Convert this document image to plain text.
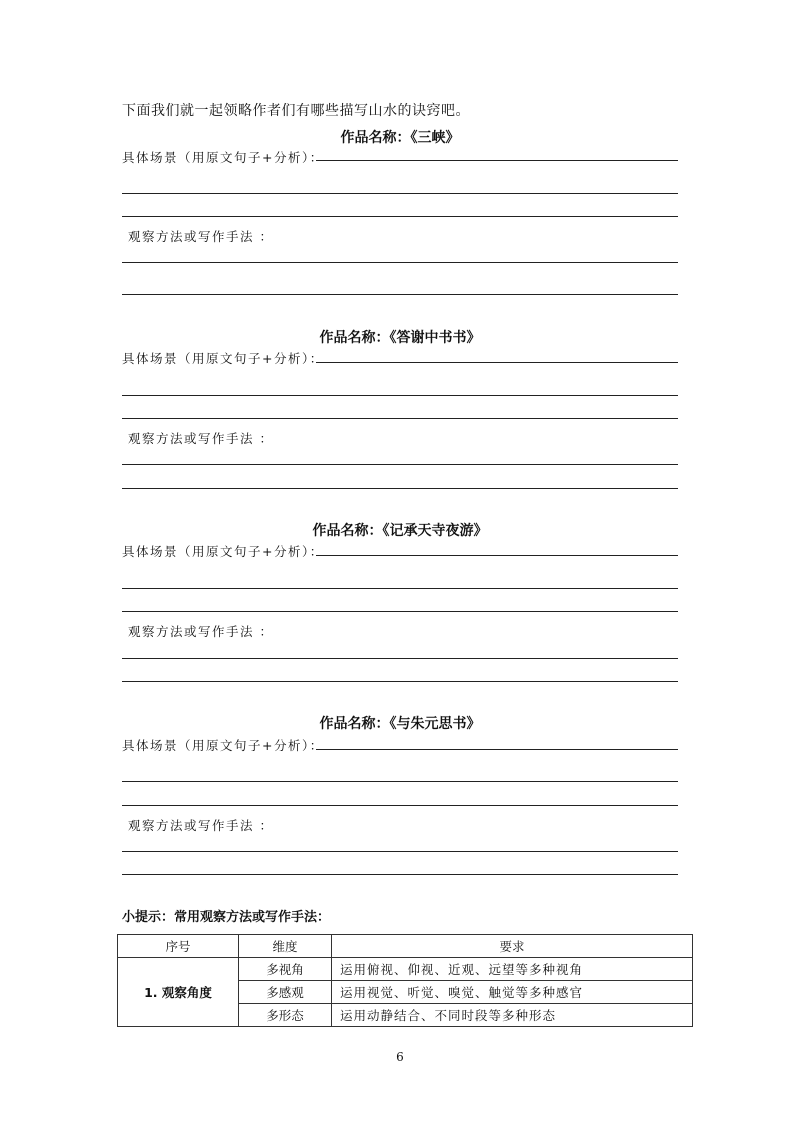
下面我们就一起领略作者们有哪些描写山水的诀窍吧。
作品名称：《三峡》
具体场景（用原文句子+分析）：
观察方法或写作手法 ：
作品名称：《答谢中书书》
具体场景（用原文句子+分析）：
观察方法或写作手法 ：
作品名称：《记承天寺夜游》
具体场景（用原文句子+分析）：
观察方法或写作手法 ：
作品名称：《与朱元思书》
具体场景（用原文句子+分析）：
观察方法或写作手法 ：
小提示：常用观察方法或写作手法：
序号	维度	要求
1. 观察角度	多视角	运用俯视、仰视、近观、远望等多种视角
	多感观	运用视觉、听觉、嗅觉、触觉等多种感官
	多形态	运用动静结合、不同时段等多种形态
6
